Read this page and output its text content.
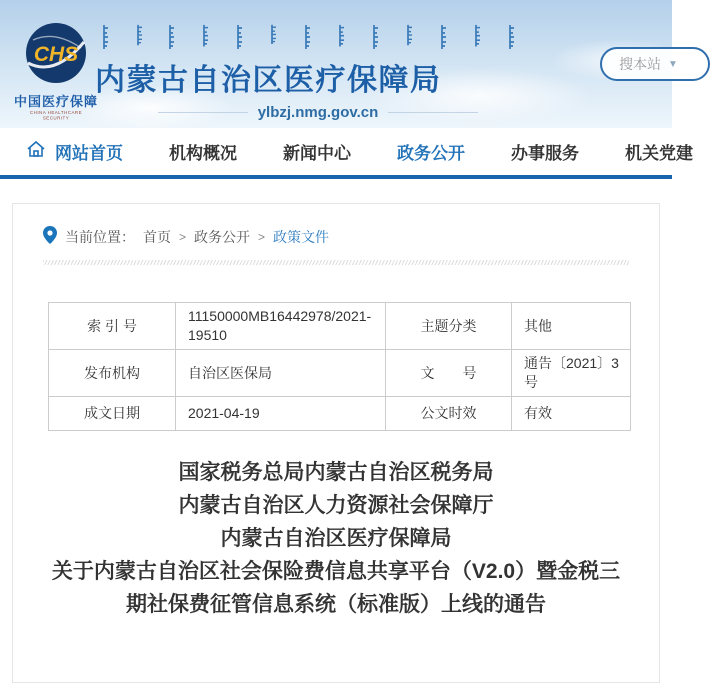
CHS
中国医疗保障
CHINA HEALTHCARE SECURITY
内蒙古自治区医疗保障局
ylbzj.nmg.gov.cn
搜本站 ▼
网站首页	机构概况	新闻中心	政务公开	办事服务	机关党建
当前位置： 首页 > 政务公开 > 政策文件
索 引 号	11150000MB16442978/2021-19510	主题分类	其他
发布机构	自治区医保局	文　　号	通告〔2021〕3号
成文日期	2021-04-19	公文时效	有效
国家税务总局内蒙古自治区税务局
内蒙古自治区人力资源社会保障厅
内蒙古自治区医疗保障局
关于内蒙古自治区社会保险费信息共享平台（V2.0）暨金税三
期社保费征管信息系统（标准版）上线的通告
